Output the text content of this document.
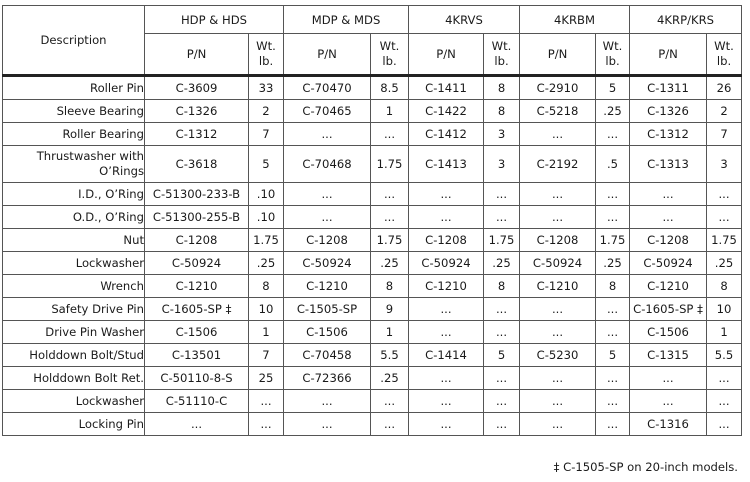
Description	HDP & HDS		MDP & MDS		4KRVS		4KRBM		4KRP/KRS	
	P/N	Wt.
lb.	P/N	Wt.
lb.	P/N	Wt.
lb.	P/N	Wt.
lb.	P/N	Wt.
lb.

Roller Pin	C-3609	33	C-70470	8.5	C-1411	8	C-2910	5	C-1311	26

Sleeve Bearing	C-1326	2	C-70465	1	C-1422	8	C-5218	.25	C-1326	2

Roller Bearing	C-1312	7	...	...	C-1412	3	...	...	C-1312	7

Thrustwasher with
O’Rings	C-3618	5	C-70468	1.75	C-1413	3	C-2192	.5	C-1313	3

I.D., O’Ring	C-51300-233-B	.10	...	...	...	...	...	...	...	...

O.D., O’Ring	C-51300-255-B	.10	...	...	...	...	...	...	...	...

Nut	C-1208	1.75	C-1208	1.75	C-1208	1.75	C-1208	1.75	C-1208	1.75

Lockwasher	C-50924	.25	C-50924	.25	C-50924	.25	C-50924	.25	C-50924	.25

Wrench	C-1210	8	C-1210	8	C-1210	8	C-1210	8	C-1210	8

Safety Drive Pin	C-1605-SP ‡	10	C-1505-SP	9	...	...	...	...	C-1605-SP ‡	10

Drive Pin Washer	C-1506	1	C-1506	1	...	...	...	...	C-1506	1

Holddown Bolt/Stud	C-13501	7	C-70458	5.5	C-1414	5	C-5230	5	C-1315	5.5

Holddown Bolt Ret.	C-50110-8-S	25	C-72366	.25	...	...	...	...	...	...

Lockwasher	C-51110-C	...	...	...	...	...	...	...	...	...

Locking Pin	...	...	...	...	...	...	...	...	C-1316	...
‡ C-1505-SP on 20-inch models.
